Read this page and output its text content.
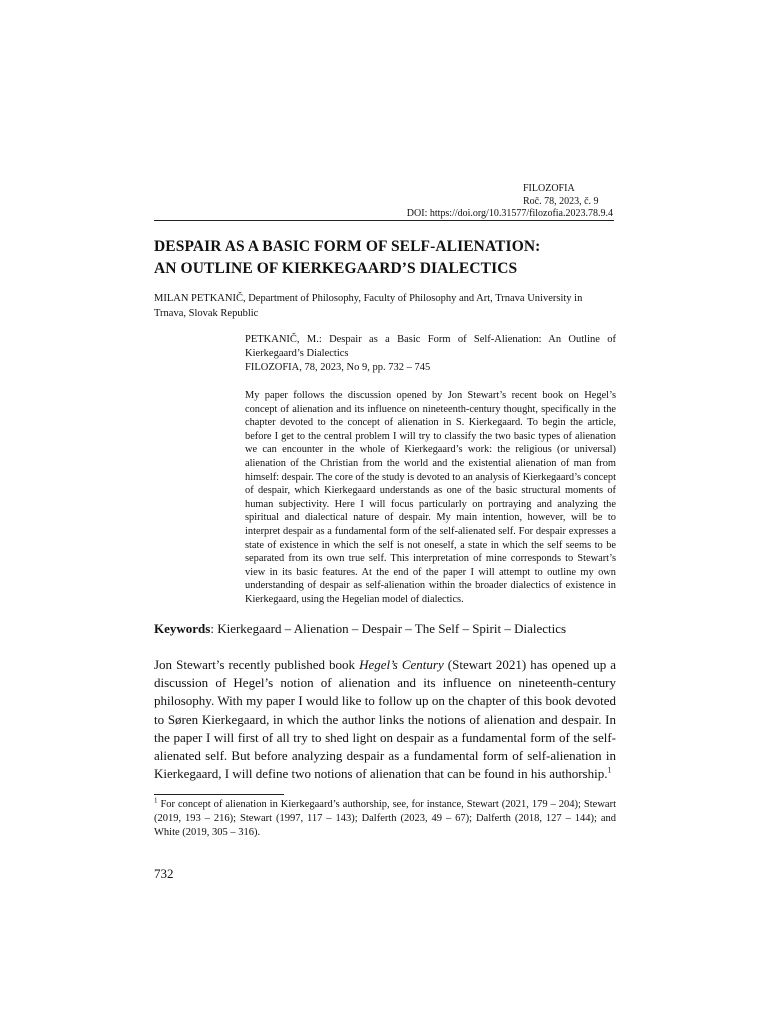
FILOZOFIA
Roč. 78, 2023, č. 9
DOI: https://doi.org/10.31577/filozofia.2023.78.9.4
DESPAIR AS A BASIC FORM OF SELF-ALIENATION:
AN OUTLINE OF KIERKEGAARD’S DIALECTICS
MILAN PETKANIČ, Department of Philosophy, Faculty of Philosophy and Art, Trnava University in Trnava, Slovak Republic
PETKANIČ, M.: Despair as a Basic Form of Self-Alienation: An Outline of Kierkegaard’s Dialectics
FILOZOFIA, 78, 2023, No 9, pp. 732 – 745
My paper follows the discussion opened by Jon Stewart’s recent book on Hegel’s concept of alienation and its influence on nineteenth-century thought, specifically in the chapter devoted to the concept of alienation in S. Kierkegaard. To begin the article, before I get to the central problem I will try to classify the two basic types of alienation we can encounter in the whole of Kierkegaard’s work: the religious (or universal) alienation of the Christian from the world and the existential alienation of man from himself: despair. The core of the study is devoted to an analysis of Kierkegaard’s concept of despair, which Kierkegaard understands as one of the basic structural moments of human subjectivity. Here I will focus particularly on portraying and analyzing the spiritual and dialectical nature of despair. My main intention, however, will be to interpret despair as a fundamental form of the self-alienated self. For despair expresses a state of existence in which the self is not oneself, a state in which the self seems to be separated from its own true self. This interpretation of mine corresponds to Stewart’s view in its basic features. At the end of the paper I will attempt to outline my own understanding of despair as self-alienation within the broader dialectics of existence in Kierkegaard, using the Hegelian model of dialectics.
Keywords: Kierkegaard – Alienation – Despair – The Self – Spirit – Dialectics
Jon Stewart’s recently published book Hegel’s Century (Stewart 2021) has opened up a discussion of Hegel’s notion of alienation and its influence on nineteenth-century philosophy. With my paper I would like to follow up on the chapter of this book devoted to Søren Kierkegaard, in which the author links the notions of alienation and despair. In the paper I will first of all try to shed light on despair as a fundamental form of the self-alienated self. But before analyzing despair as a fundamental form of self-alienation in Kierkegaard, I will define two notions of alienation that can be found in his authorship.$^1$
$^1$ For concept of alienation in Kierkegaard’s authorship, see, for instance, Stewart (2021, 179 – 204); Stewart (2019, 193 – 216); Stewart (1997, 117 – 143); Dalferth (2023, 49 – 67); Dalferth (2018, 127 – 144); and White (2019, 305 – 316).
732
